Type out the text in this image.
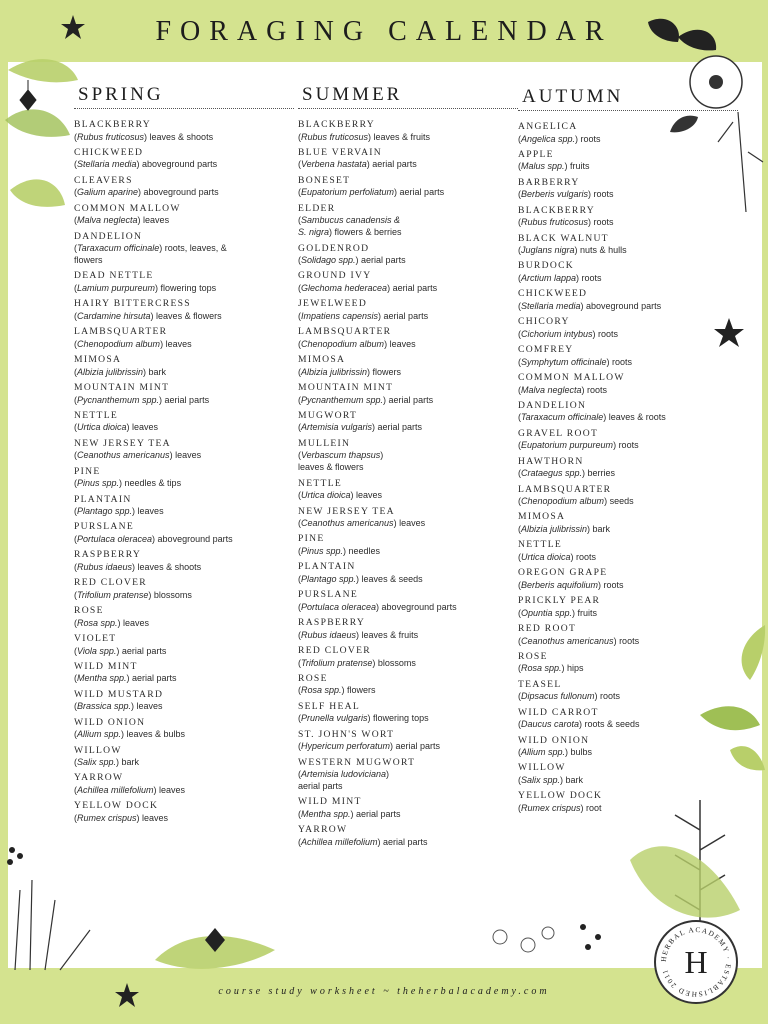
FORAGING CALENDAR
SPRING
BLACKBERRY
(Rubus fruticosus) leaves & shoots
CHICKWEED
(Stellaria media) aboveground parts
CLEAVERS
(Galium aparine) aboveground parts
COMMON MALLOW
(Malva neglecta) leaves
DANDELION
(Taraxacum officinale) roots, leaves, &
flowers
DEAD NETTLE
(Lamium purpureum) flowering tops
HAIRY BITTERCRESS
(Cardamine hirsuta) leaves & flowers
LAMBSQUARTER
(Chenopodium album) leaves
MIMOSA
(Albizia julibrissin) bark
MOUNTAIN MINT
(Pycnanthemum spp.) aerial parts
NETTLE
(Urtica dioica) leaves
NEW JERSEY TEA
(Ceanothus americanus) leaves
PINE
(Pinus spp.) needles & tips
PLANTAIN
(Plantago spp.) leaves
PURSLANE
(Portulaca oleracea) aboveground parts
RASPBERRY
(Rubus idaeus) leaves & shoots
RED CLOVER
(Trifolium pratense) blossoms
ROSE
(Rosa spp.) leaves
VIOLET
(Viola spp.) aerial parts
WILD MINT
(Mentha spp.) aerial parts
WILD MUSTARD
(Brassica spp.) leaves
WILD ONION
(Allium spp.) leaves & bulbs
WILLOW
(Salix spp.) bark
YARROW
(Achillea millefolium) leaves
YELLOW DOCK
(Rumex crispus) leaves
SUMMER
BLACKBERRY
(Rubus fruticosus) leaves & fruits
BLUE VERVAIN
(Verbena hastata) aerial parts
BONESET
(Eupatorium perfoliatum) aerial parts
ELDER
(Sambucus canadensis &
S. nigra) flowers & berries
GOLDENROD
(Solidago spp.) aerial parts
GROUND IVY
(Glechoma hederacea) aerial parts
JEWELWEED
(Impatiens capensis) aerial parts
LAMBSQUARTER
(Chenopodium album) leaves
MIMOSA
(Albizia julibrissin) flowers
MOUNTAIN MINT
(Pycnanthemum spp.) aerial parts
MUGWORT
(Artemisia vulgaris) aerial parts
MULLEIN
(Verbascum thapsus)
leaves & flowers
NETTLE
(Urtica dioica) leaves
NEW JERSEY TEA
(Ceanothus americanus) leaves
PINE
(Pinus spp.) needles
PLANTAIN
(Plantago spp.) leaves & seeds
PURSLANE
(Portulaca oleracea) aboveground parts
RASPBERRY
(Rubus idaeus) leaves & fruits
RED CLOVER
(Trifolium pratense) blossoms
ROSE
(Rosa spp.) flowers
SELF HEAL
(Prunella vulgaris) flowering tops
ST. JOHN'S WORT
(Hypericum perforatum) aerial parts
WESTERN MUGWORT
(Artemisia ludoviciana)
aerial parts
WILD MINT
(Mentha spp.) aerial parts
YARROW
(Achillea millefolium) aerial parts
AUTUMN
ANGELICA
(Angelica spp.) roots
APPLE
(Malus spp.) fruits
BARBERRY
(Berberis vulgaris) roots
BLACKBERRY
(Rubus fruticosus) roots
BLACK WALNUT
(Juglans nigra) nuts & hulls
BURDOCK
(Arctium lappa) roots
CHICKWEED
(Stellaria media) aboveground parts
CHICORY
(Cichorium intybus) roots
COMFREY
(Symphytum officinale) roots
COMMON MALLOW
(Malva neglecta) roots
DANDELION
(Taraxacum officinale) leaves & roots
GRAVEL ROOT
(Eupatorium purpureum) roots
HAWTHORN
(Crataegus spp.) berries
LAMBSQUARTER
(Chenopodium album) seeds
MIMOSA
(Albizia julibrissin) bark
NETTLE
(Urtica dioica) roots
OREGON GRAPE
(Berberis aquifolium) roots
PRICKLY PEAR
(Opuntia spp.) fruits
RED ROOT
(Ceanothus americanus) roots
ROSE
(Rosa spp.) hips
TEASEL
(Dipsacus fullonum) roots
WILD CARROT
(Daucus carota) roots & seeds
WILD ONION
(Allium spp.) bulbs
WILLOW
(Salix spp.) bark
YELLOW DOCK
(Rumex crispus) root
H
HERBAL ACADEMY · ESTABLISHED 2011
course study worksheet ~ theherbalacademy.com
